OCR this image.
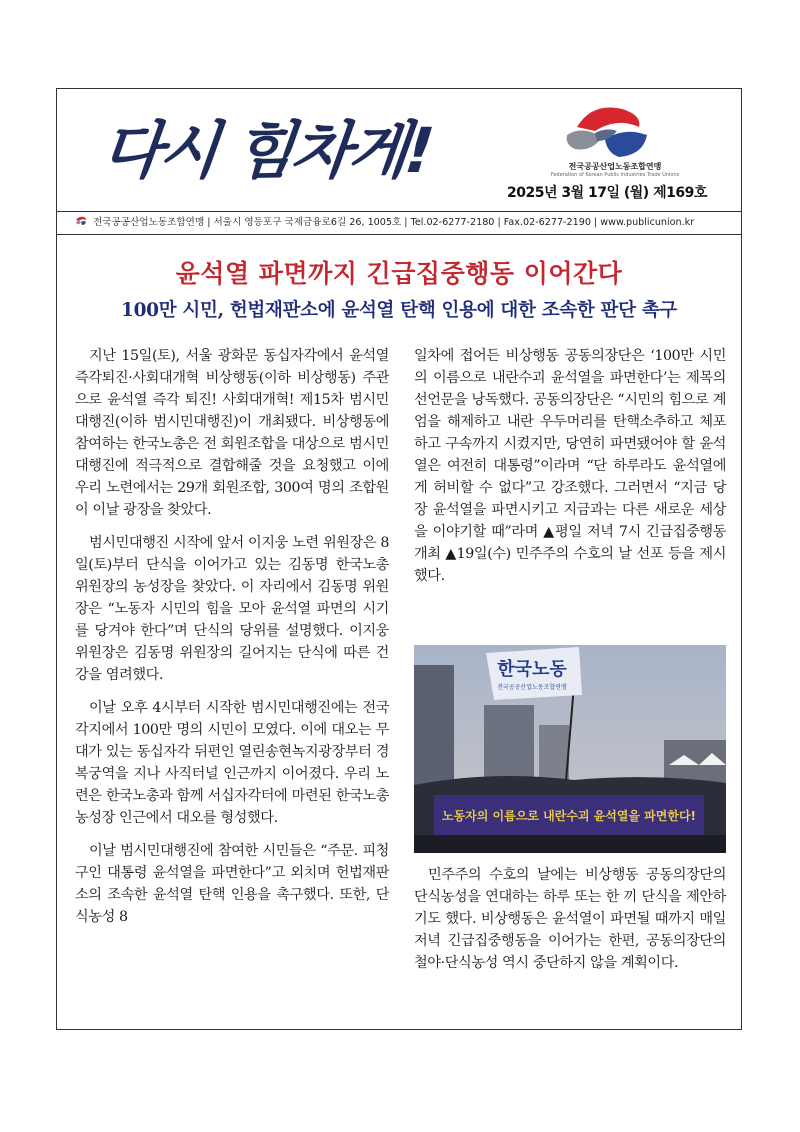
다시 힘차게!	전국공공산업노동조합연맹
Federation of Korean Public Industries Trade Unions
2025년 3월 17일 (월) 제169호
전국공공산업노동조합연맹 | 서울시 영등포구 국제금융로6길 26, 1005호 | Tel.02-6277-2180 | Fax.02-6277-2190 | www.publicunion.kr
윤석열 파면까지 긴급집중행동 이어간다
100만 시민, 헌법재판소에 윤석열 탄핵 인용에 대한 조속한 판단 촉구

지난 15일(토), 서울 광화문 동십자각에서 윤석열즉각퇴진·사회대개혁 비상행동(이하 비상행동) 주관으로 윤석열 즉각 퇴진! 사회대개혁! 제15차 범시민대행진(이하 범시민대행진)이 개최됐다. 비상행동에 참여하는 한국노총은 전 회원조합을 대상으로 범시민대행진에 적극적으로 결합해줄 것을 요청했고 이에 우리 노련에서는 29개 회원조합, 300여 명의 조합원이 이날 광장을 찾았다.

범시민대행진 시작에 앞서 이지웅 노련 위원장은 8일(토)부터 단식을 이어가고 있는 김동명 한국노총 위원장의 농성장을 찾았다. 이 자리에서 김동명 위원장은 “노동자 시민의 힘을 모아 윤석열 파면의 시기를 당겨야 한다”며 단식의 당위를 설명했다. 이지웅 위원장은 김동명 위원장의 길어지는 단식에 따른 건강을 염려했다.

이날 오후 4시부터 시작한 범시민대행진에는 전국 각지에서 100만 명의 시민이 모였다. 이에 대오는 무대가 있는 동십자각 뒤편인 열린송현녹지광장부터 경복궁역을 지나 사직터널 인근까지 이어졌다. 우리 노련은 한국노총과 함께 서십자각터에 마련된 한국노총 농성장 인근에서 대오를 형성했다.

이날 범시민대행진에 참여한 시민들은 “주문. 피청구인 대통령 윤석열을 파면한다”고 외치며 헌법재판소의 조속한 윤석열 탄핵 인용을 촉구했다. 또한, 단식농성 8

일차에 접어든 비상행동 공동의장단은 ‘100만 시민의 이름으로 내란수괴 윤석열을 파면한다’는 제목의 선언문을 낭독했다. 공동의장단은 “시민의 힘으로 계엄을 해제하고 내란 우두머리를 탄핵소추하고 체포하고 구속까지 시켰지만, 당연히 파면됐어야 할 윤석열은 여전히 대통령”이라며 “단 하루라도 윤석열에게 허비할 수 없다”고 강조했다. 그러면서 “지금 당장 윤석열을 파면시키고 지금과는 다른 새로운 세상을 이야기할 때”라며 ▲평일 저녁 7시 긴급집중행동 개최 ▲19일(수) 민주주의 수호의 날 선포 등을 제시했다.

한국노동
전국공공산업노동조합연맹
노동자의 이름으로 내란수괴 윤석열을 파면한다!

민주주의 수호의 날에는 비상행동 공동의장단의 단식농성을 연대하는 하루 또는 한 끼 단식을 제안하기도 했다. 비상행동은 윤석열이 파면될 때까지 매일 저녁 긴급집중행동을 이어가는 한편, 공동의장단의 철야·단식농성 역시 중단하지 않을 계획이다.
